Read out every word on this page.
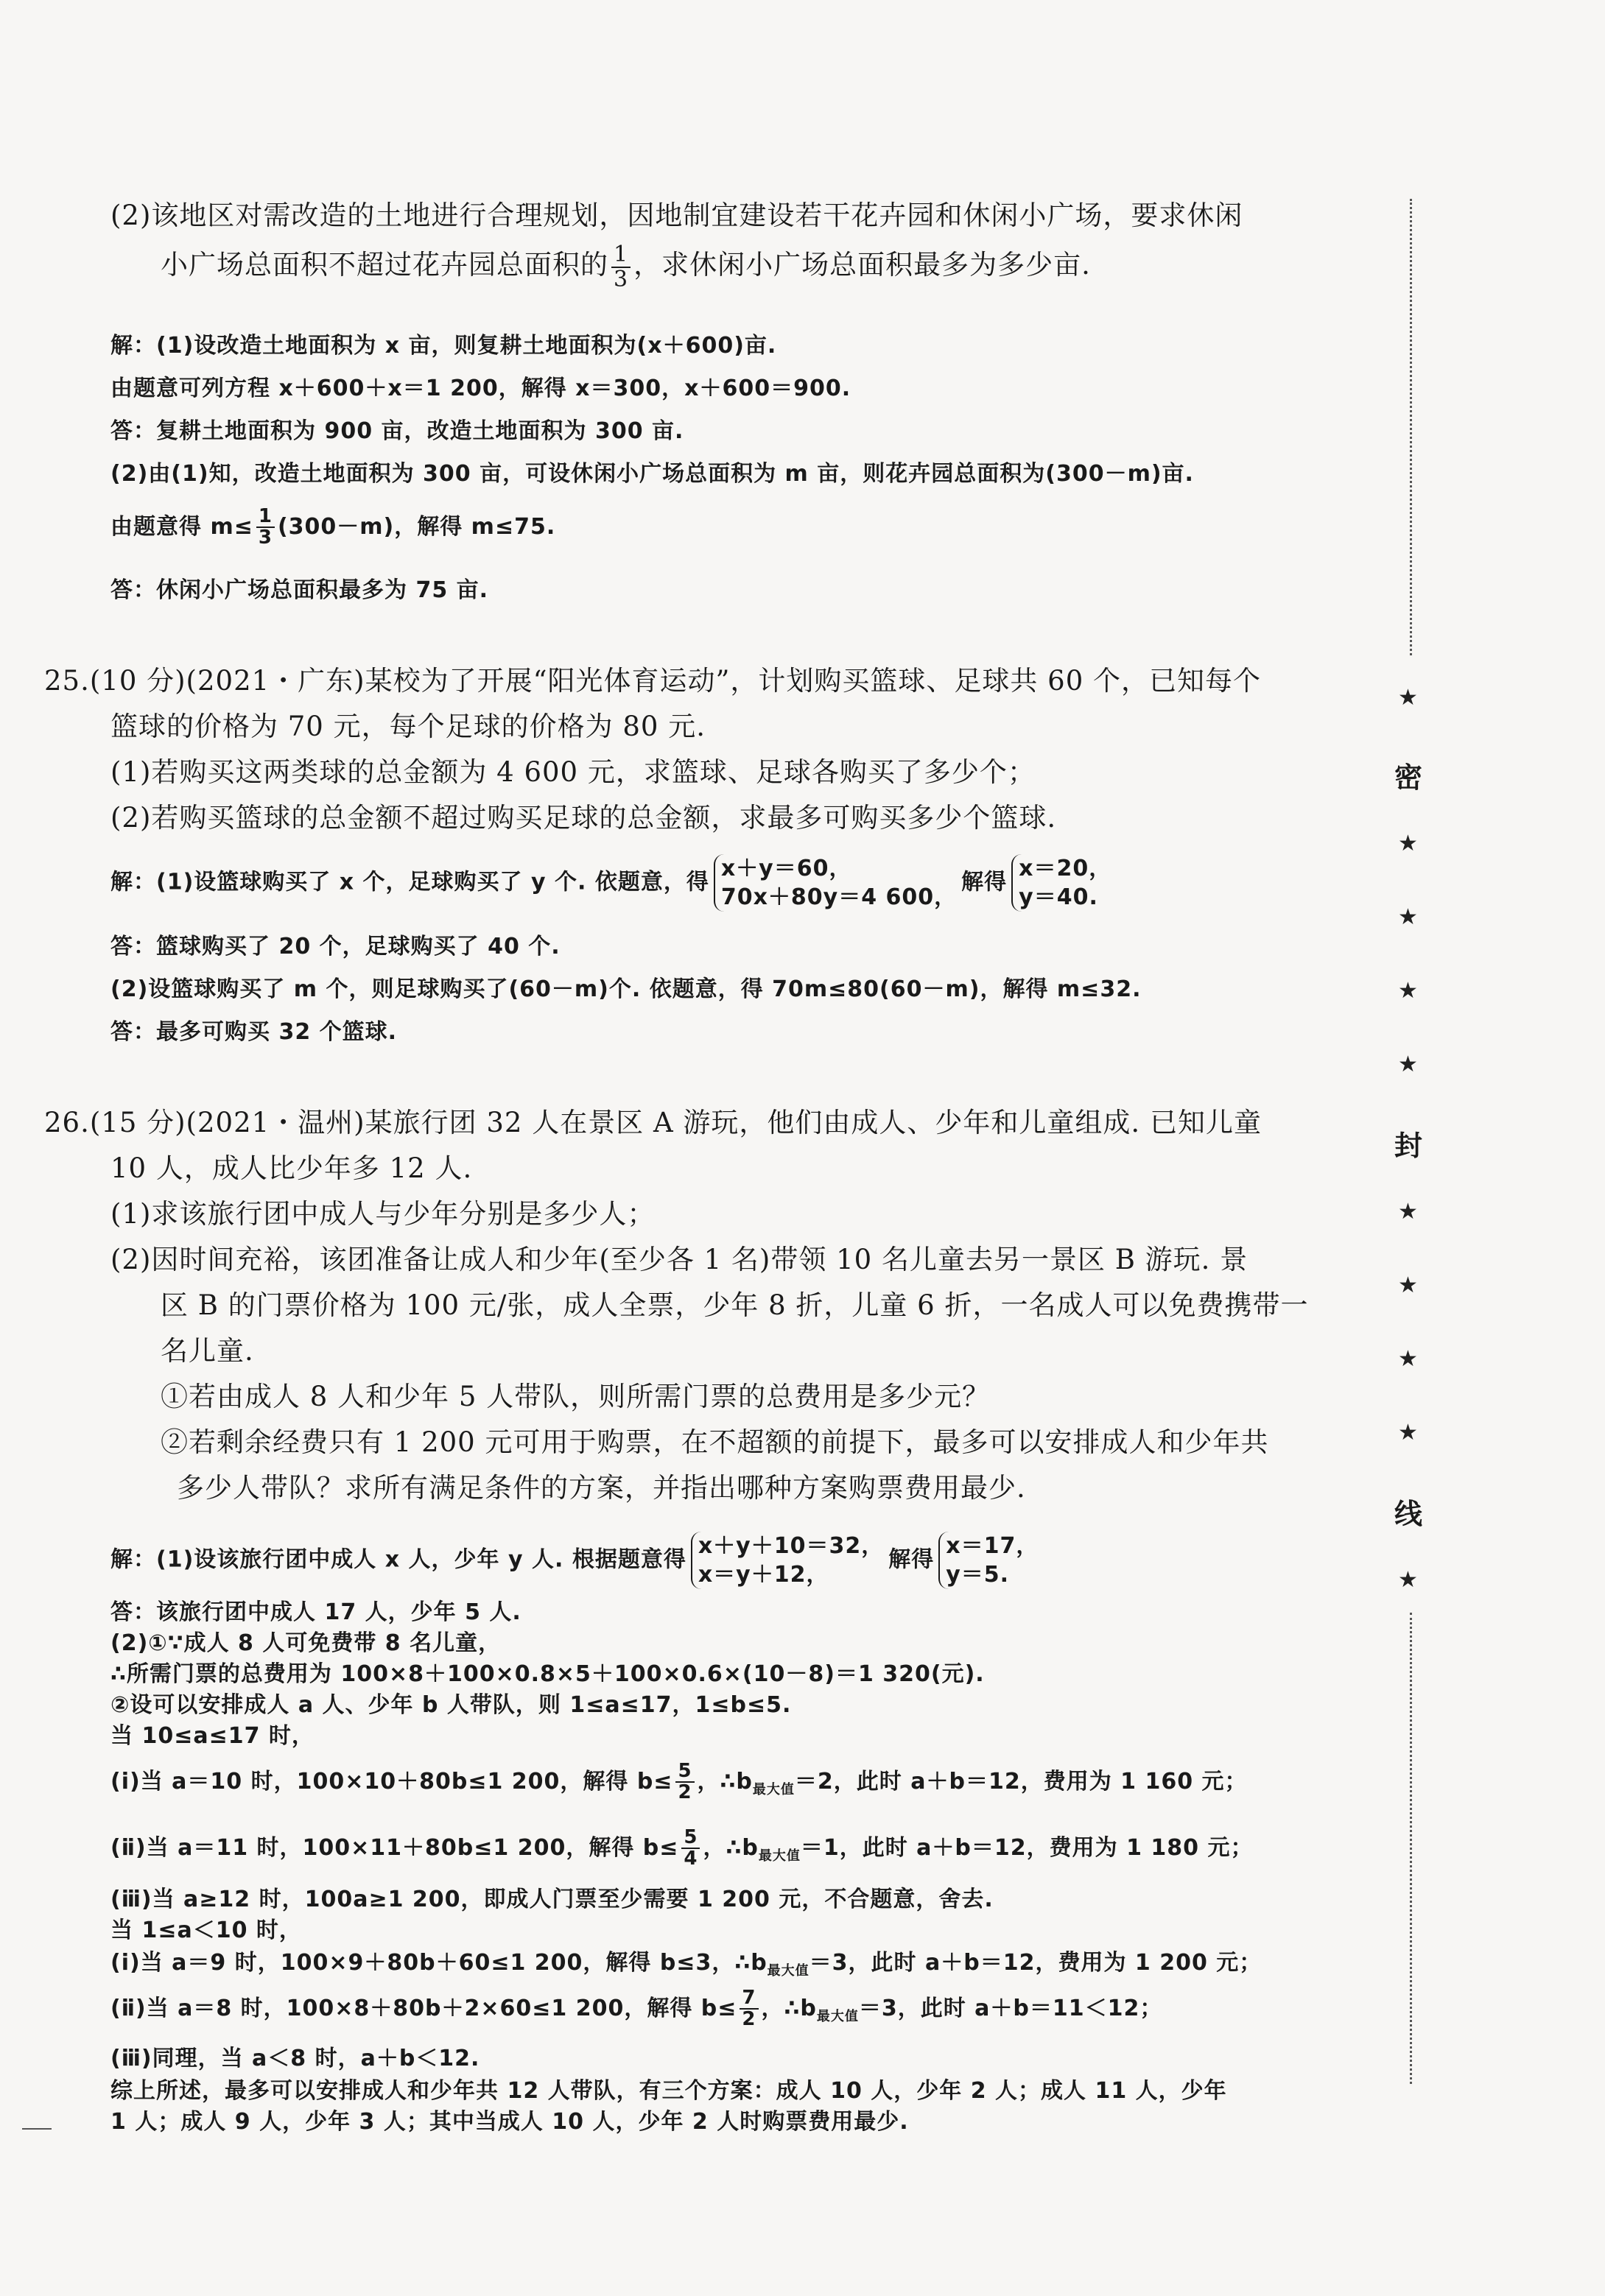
(2)该地区对需改造的土地进行合理规划，因地制宜建设若干花卉园和休闲小广场，要求休闲
小广场总面积不超过花卉园总面积的 $\frac{1}{3}$ ，求休闲小广场总面积最多为多少亩.
解：(1)设改造土地面积为 x 亩，则复耕土地面积为(x＋600)亩.
由题意可列方程 x＋600＋x＝1 200，解得 x＝300，x＋600＝900.
答：复耕土地面积为 900 亩，改造土地面积为 300 亩.
(2)由(1)知，改造土地面积为 300 亩，可设休闲小广场总面积为 m 亩，则花卉园总面积为(300－m)亩.
由题意得 $m\le \frac{1}{3} (300-m)$，解得 m≤75.
答：休闲小广场总面积最多为 75 亩.
25.(10 分)(2021・广东)某校为了开展“阳光体育运动”，计划购买篮球、足球共 60 个，已知每个
篮球的价格为 70 元，每个足球的价格为 80 元.
(1)若购买这两类球的总金额为 4 600 元，求篮球、足球各购买了多少个；
(2)若购买篮球的总金额不超过购买足球的总金额，求最多可购买多少个篮球.
解：(1)设篮球购买了 x 个，足球购买了 y 个. 依题意，得
x＋y＝60，
70x＋80y＝4 600，
解得
x＝20，
y＝40.
答：篮球购买了 20 个，足球购买了 40 个.
(2)设篮球购买了 m 个，则足球购买了(60－m)个. 依题意，得 70m≤80(60－m)，解得 m≤32.
答：最多可购买 32 个篮球.
26.(15 分)(2021・温州)某旅行团 32 人在景区 A 游玩，他们由成人、少年和儿童组成. 已知儿童
10 人，成人比少年多 12 人.
(1)求该旅行团中成人与少年分别是多少人；
(2)因时间充裕，该团准备让成人和少年(至少各 1 名)带领 10 名儿童去另一景区 B 游玩. 景
区 B 的门票价格为 100 元/张，成人全票，少年 8 折，儿童 6 折，一名成人可以免费携带一
名儿童.
①若由成人 8 人和少年 5 人带队，则所需门票的总费用是多少元？
②若剩余经费只有 1 200 元可用于购票，在不超额的前提下，最多可以安排成人和少年共
多少人带队？求所有满足条件的方案，并指出哪种方案购票费用最少.
解：(1)设该旅行团中成人 x 人，少年 y 人. 根据题意得
x＋y＋10＝32，
x＝y＋12，
解得
x＝17，
y＝5.
答：该旅行团中成人 17 人，少年 5 人.
(2)①∵成人 8 人可免费带 8 名儿童，
∴所需门票的总费用为 100×8＋100×0.8×5＋100×0.6×(10－8)＝1 320(元).
②设可以安排成人 a 人、少年 b 人带队，则 1≤a≤17，1≤b≤5.
当 10≤a≤17 时，
(ⅰ)当 a＝10 时，100×10＋80b≤1 200，解得 $b\le \frac{5}{2}$ ，$\therefore b_{最大值}=2$，此时 a＋b＝12，费用为 1 160 元；
(ⅱ)当 a＝11 时，100×11＋80b≤1 200，解得 $b\le \frac{5}{4}$ ，$\therefore b_{最大值}=1$，此时 a＋b＝12，费用为 1 180 元；
(ⅲ)当 a≥12 时，100a≥1 200，即成人门票至少需要 1 200 元，不合题意，舍去.
当 1≤a＜10 时，
(ⅰ)当 a＝9 时，100×9＋80b＋60≤1 200，解得 b≤3，$\therefore b_{最大值}=3$，此时 a＋b＝12，费用为 1 200 元；
(ⅱ)当 a＝8 时，100×8＋80b＋2×60≤1 200，解得 $b\le \frac{7}{2}$ ，$\therefore b_{最大值}=3$，此时 a＋b＝11＜12；
(ⅲ)同理，当 a＜8 时，a＋b＜12.
综上所述，最多可以安排成人和少年共 12 人带队，有三个方案：成人 10 人，少年 2 人；成人 11 人，少年
1 人；成人 9 人，少年 3 人；其中当成人 10 人，少年 2 人时购票费用最少.
★
密
★
★
★
★
封
★
★
★
★
线
★
